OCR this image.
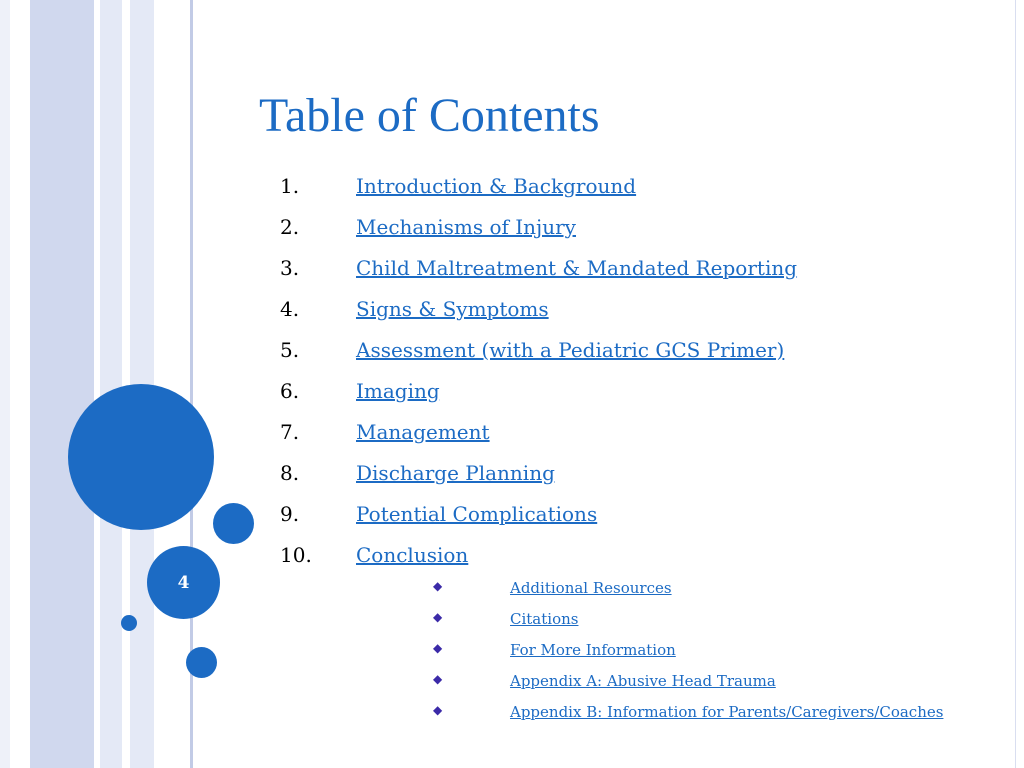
4
Table of Contents
1.	Introduction & Background
2.	Mechanisms of Injury
3.	Child Maltreatment & Mandated Reporting
4.	Signs & Symptoms
5.	Assessment (with a Pediatric GCS Primer)
6.	Imaging
7.	Management
8.	Discharge Planning
9.	Potential Complications
10. Conclusion
◆	Additional Resources
◆	Citations
◆	For More Information
◆	Appendix A: Abusive Head Trauma
◆	Appendix B: Information for Parents/Caregivers/Coaches
